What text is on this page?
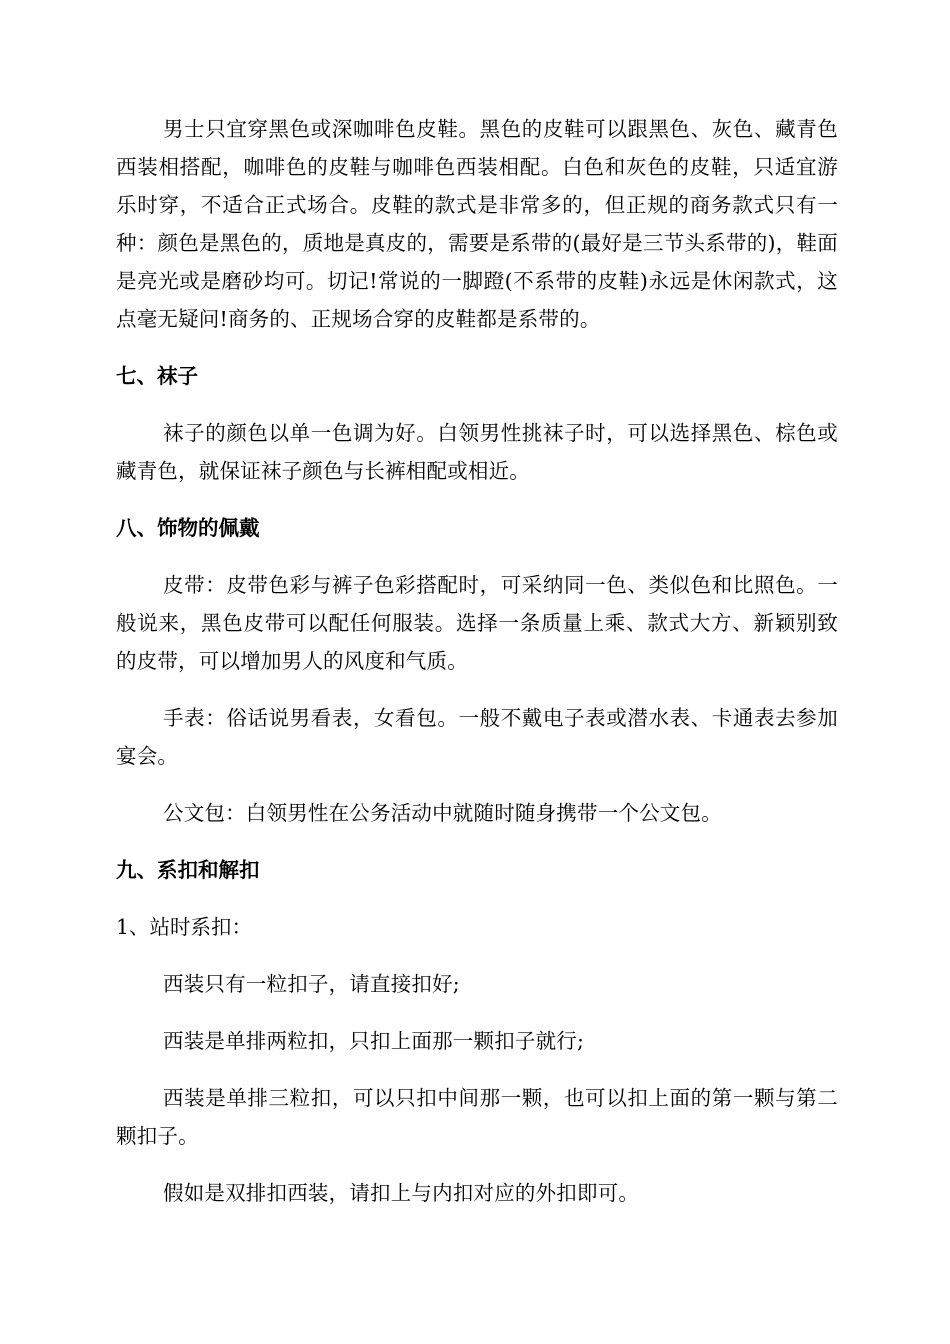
男士只宜穿黑色或深咖啡色皮鞋。黑色的皮鞋可以跟黑色、灰色、藏青色西装相搭配，咖啡色的皮鞋与咖啡色西装相配。白色和灰色的皮鞋，只适宜游乐时穿，不适合正式场合。皮鞋的款式是非常多的，但正规的商务款式只有一种：颜色是黑色的，质地是真皮的，需要是系带的(最好是三节头系带的)，鞋面是亮光或是磨砂均可。切记!常说的一脚蹬(不系带的皮鞋)永远是休闲款式，这点毫无疑问!商务的、正规场合穿的皮鞋都是系带的。

七、袜子

袜子的颜色以单一色调为好。白领男性挑袜子时，可以选择黑色、棕色或藏青色，就保证袜子颜色与长裤相配或相近。

八、饰物的佩戴

皮带：皮带色彩与裤子色彩搭配时，可采纳同一色、类似色和比照色。一般说来，黑色皮带可以配任何服装。选择一条质量上乘、款式大方、新颖别致的皮带，可以增加男人的风度和气质。

手表：俗话说男看表，女看包。一般不戴电子表或潜水表、卡通表去参加宴会。

公文包：白领男性在公务活动中就随时随身携带一个公文包。

九、系扣和解扣
1、站时系扣：

西装只有一粒扣子，请直接扣好;

西装是单排两粒扣，只扣上面那一颗扣子就行;

西装是单排三粒扣，可以只扣中间那一颗，也可以扣上面的第一颗与第二颗扣子。

假如是双排扣西装，请扣上与内扣对应的外扣即可。
